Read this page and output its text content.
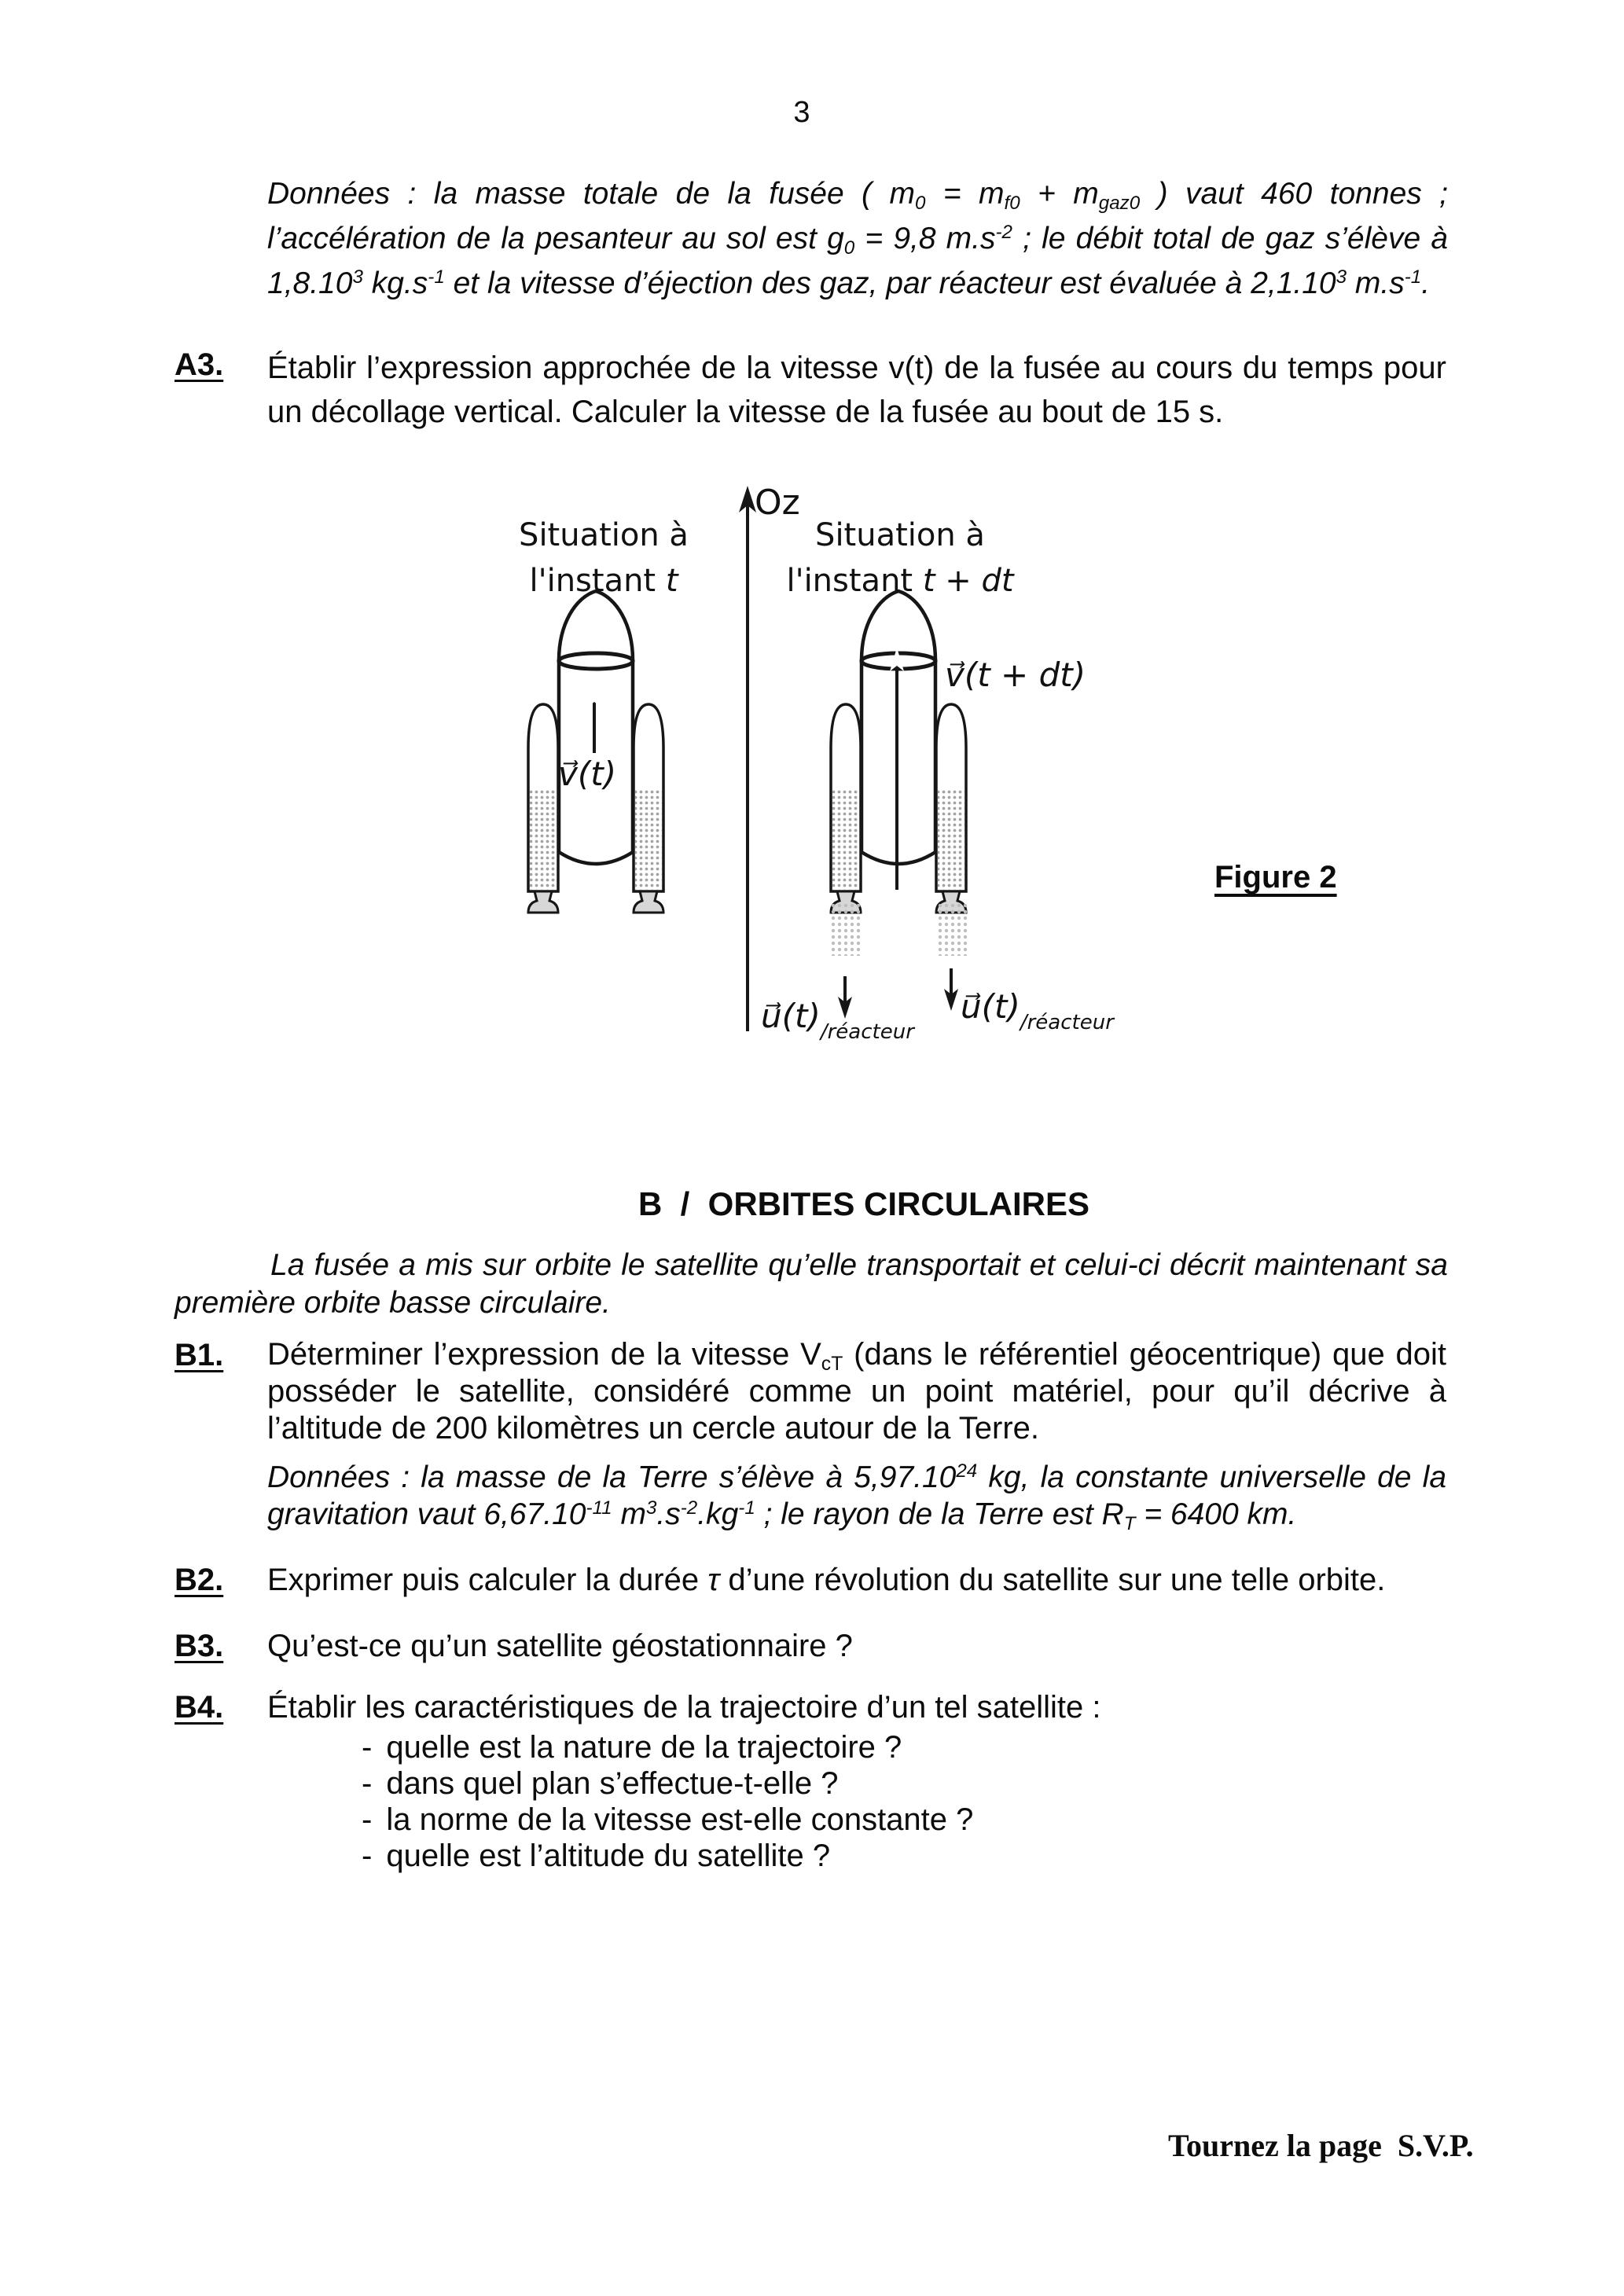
3
Données : la masse totale de la fusée ( $m_0 = m_{f0} + m_{gaz0}$ ) vaut 460 tonnes ; l’accélération de la pesanteur au sol est $g_0 = 9,8$ $m.s^{-2}$ ; le débit total de gaz s’élève à 1,8.10$^3$ $kg.s^{-1}$ et la vitesse d’éjection des gaz, par réacteur est évaluée à 2,1.10$^3$ $m.s^{-1}$.
A3. Établir l’expression approchée de la vitesse v(t) de la fusée au cours du temps pour un décollage vertical. Calculer la vitesse de la fusée au bout de 15 s.
Oz
Situation à
l'instant t
Situation à
l'instant t + dt
v⃗(t)
v⃗(t + dt)
$u⃗(t)_{/réacteur}$
$u⃗(t)_{/réacteur}$
Figure 2
B  /  ORBITES CIRCULAIRES
La fusée a mis sur orbite le satellite qu’elle transportait et celui-ci décrit maintenant sa première orbite basse circulaire.
B1. Déterminer l’expression de la vitesse $V_{cT}$ (dans le référentiel géocentrique) que doit posséder le satellite, considéré comme un point matériel, pour qu’il décrive à l’altitude de 200 kilomètres un cercle autour de la Terre.
Données : la masse de la Terre s’élève à 5,97.10$^{24}$ kg, la constante universelle de la gravitation vaut $6,67.10^{-11}$ $m^3.s^{-2}.kg^{-1}$ ; le rayon de la Terre est $R_T = 6400$ km.
B2. Exprimer puis calculer la durée τ d’une révolution du satellite sur une telle orbite.
B3. Qu’est-ce qu’un satellite géostationnaire ?
B4. Établir les caractéristiques de la trajectoire d’un tel satellite :
- quelle est la nature de la trajectoire ?
- dans quel plan s’effectue-t-elle ?
- la norme de la vitesse est-elle constante ?
- quelle est l’altitude du satellite ?
Tournez la page  S.V.P.
